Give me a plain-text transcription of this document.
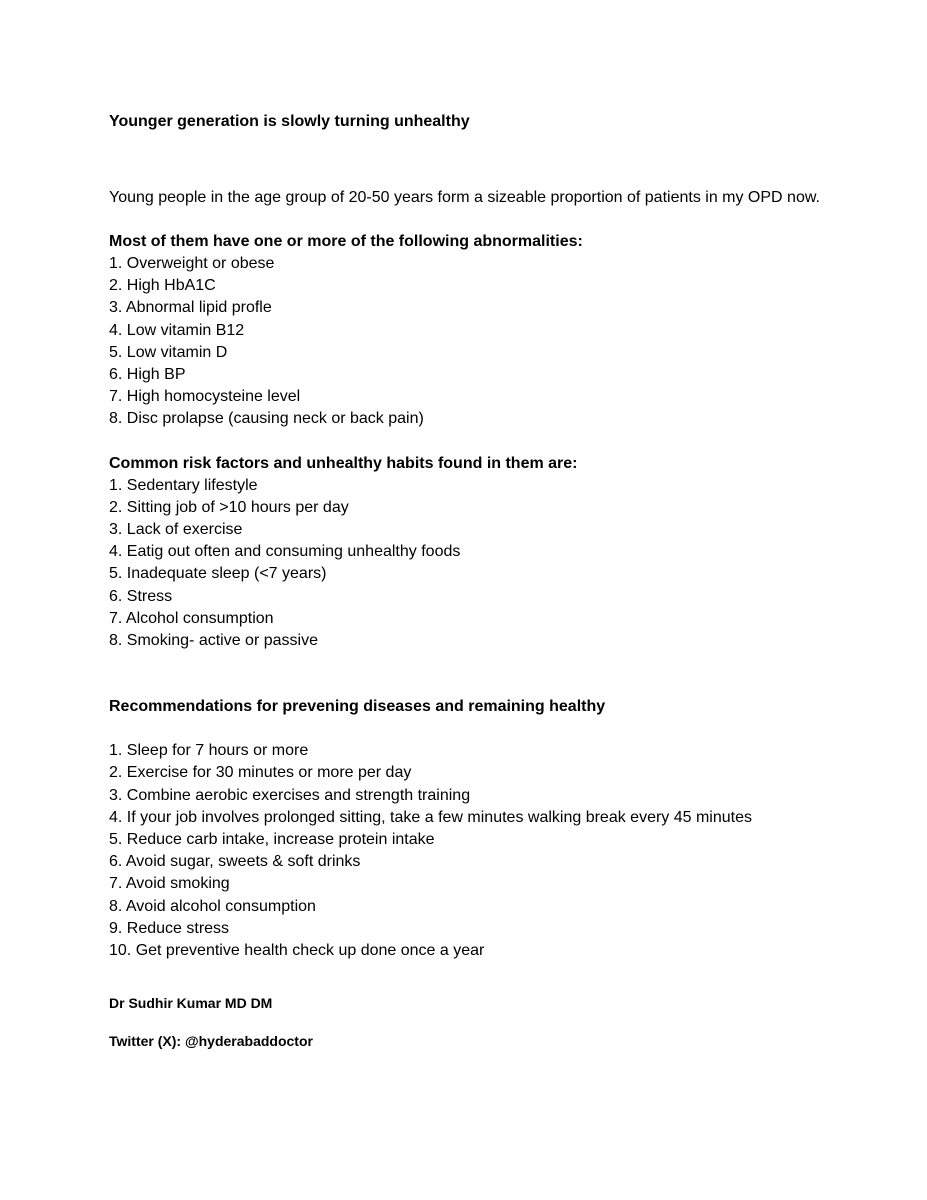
Younger generation is slowly turning unhealthy

Young people in the age group of 20-50 years form a sizeable proportion of patients in my OPD now.

Most of them have one or more of the following abnormalities:

1. Overweight or obese
2. High HbA1C
3. Abnormal lipid profle
4. Low vitamin B12
5. Low vitamin D
6. High BP
7. High homocysteine level
8. Disc prolapse (causing neck or back pain)

Common risk factors and unhealthy habits found in them are:

1. Sedentary lifestyle
2. Sitting job of >10 hours per day
3. Lack of exercise
4. Eatig out often and consuming unhealthy foods
5. Inadequate sleep (<7 years)
6. Stress
7. Alcohol consumption
8. Smoking- active or passive

Recommendations for prevening diseases and remaining healthy

1. Sleep for 7 hours or more
2. Exercise for 30 minutes or more per day
3. Combine aerobic exercises and strength training
4. If your job involves prolonged sitting, take a few minutes walking break every 45 minutes
5. Reduce carb intake, increase protein intake
6. Avoid sugar, sweets & soft drinks
7. Avoid smoking
8. Avoid alcohol consumption
9. Reduce stress
10. Get preventive health check up done once a year

Dr Sudhir Kumar MD DM

Twitter (X): @hyderabaddoctor
